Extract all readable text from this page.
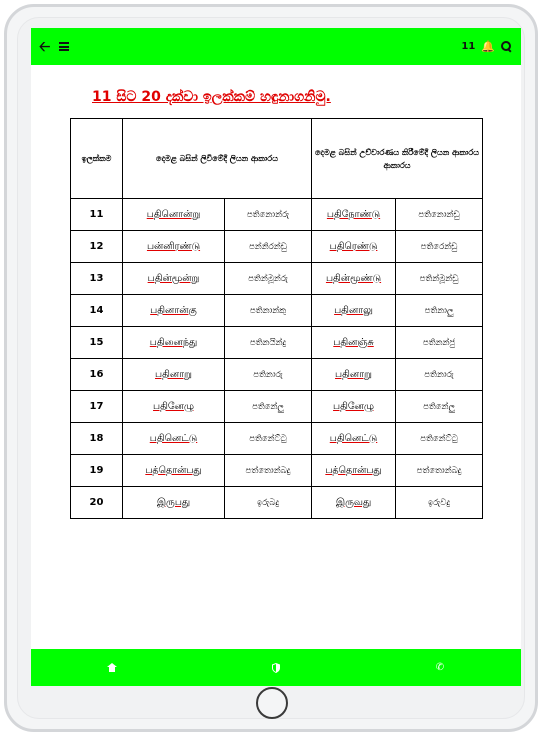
🡠	11 🔔
11 සිට 20 දක්වා ඉලක්කම් හඳුනාගනිමු.
ඉලක්කම	දෙමළ බසින් ලිවීමේදී ලියන ආකාරය		දෙමළ බසින් උච්චාරණය කිරීමේදී ලියන ආකාරය ආකාරය	
11	பதினொன்று	පතිනොන්රු	பதிநோண்டு	පතිනොන්ඩු
12	பன்னிரண்டு	පන්නිරන්ඩු	பதிரெண்டு	පතිරෙන්ඩු
13	பதின்மூன்று	පතින්මූන්රු	பதின்மூண்டு	පතින්මූන්ඩු
14	பதினான்கு	පතිනාන්කු	பதினாலு	පතිනාලු
15	பதினைந்து	පතිනයින්දු	பதினஞ்சு	පතිනන්ජු
16	பதினாறு	පතිනාරු	பதினாறு	පතිනාරු
17	பதினேழு	පතිනේලු	பதினேழு	පතිනේලු
18	பதினெட்டு	පතිනේට්ටු	பதினெட்டு	පතිනේට්ටු
19	பத்தொன்பது	පත්තොන්බදු	பத்தொன்பது	පත්තොන්බදු
20	இருபது	ඉරුබදු	இருவது	ඉරුවදු
✆
